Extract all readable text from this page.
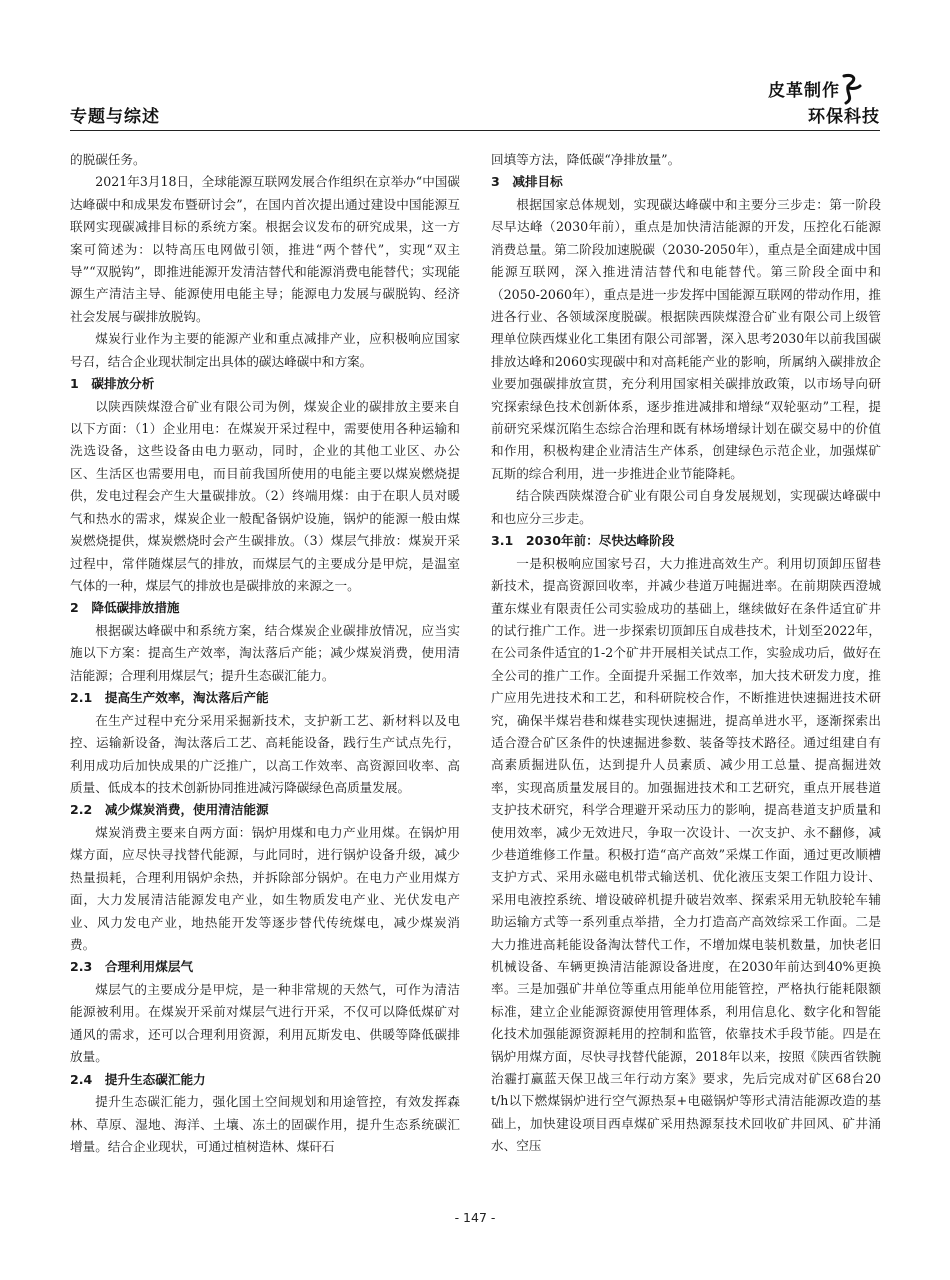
专题与综述
皮革制作	与
环保科技

的脱碳任务。

2021年3月18日，全球能源互联网发展合作组织在京举办“中国碳达峰碳中和成果发布暨研讨会”，在国内首次提出通过建设中国能源互联网实现碳减排目标的系统方案。根据会议发布的研究成果，这一方案可简述为：以特高压电网做引领，推进“两个替代”，实现“双主导”“双脱钩”，即推进能源开发清洁替代和能源消费电能替代；实现能源生产清洁主导、能源使用电能主导；能源电力发展与碳脱钩、经济社会发展与碳排放脱钩。

煤炭行业作为主要的能源产业和重点减排产业，应积极响应国家号召，结合企业现状制定出具体的碳达峰碳中和方案。

1　碳排放分析

以陕西陕煤澄合矿业有限公司为例，煤炭企业的碳排放主要来自以下方面：（1）企业用电：在煤炭开采过程中，需要使用各种运输和洗选设备，这些设备由电力驱动，同时，企业的其他工业区、办公区、生活区也需要用电，而目前我国所使用的电能主要以煤炭燃烧提供，发电过程会产生大量碳排放。（2）终端用煤：由于在职人员对暖气和热水的需求，煤炭企业一般配备锅炉设施，锅炉的能源一般由煤炭燃烧提供，煤炭燃烧时会产生碳排放。（3）煤层气排放：煤炭开采过程中，常伴随煤层气的排放，而煤层气的主要成分是甲烷，是温室气体的一种，煤层气的排放也是碳排放的来源之一。

2　降低碳排放措施

根据碳达峰碳中和系统方案，结合煤炭企业碳排放情况，应当实施以下方案：提高生产效率，淘汰落后产能；减少煤炭消费，使用清洁能源；合理利用煤层气；提升生态碳汇能力。

2.1　提高生产效率，淘汰落后产能

在生产过程中充分采用采掘新技术，支护新工艺、新材料以及电控、运输新设备，淘汰落后工艺、高耗能设备，践行生产试点先行，利用成功后加快成果的广泛推广，以高工作效率、高资源回收率、高质量、低成本的技术创新协同推进减污降碳绿色高质量发展。

2.2　减少煤炭消费，使用清洁能源

煤炭消费主要来自两方面：锅炉用煤和电力产业用煤。在锅炉用煤方面，应尽快寻找替代能源，与此同时，进行锅炉设备升级，减少热量损耗，合理利用锅炉余热，并拆除部分锅炉。在电力产业用煤方面，大力发展清洁能源发电产业，如生物质发电产业、光伏发电产业、风力发电产业，地热能开发等逐步替代传统煤电，减少煤炭消费。

2.3　合理利用煤层气

煤层气的主要成分是甲烷，是一种非常规的天然气，可作为清洁能源被利用。在煤炭开采前对煤层气进行开采，不仅可以降低煤矿对通风的需求，还可以合理利用资源，利用瓦斯发电、供暖等降低碳排放量。

2.4　提升生态碳汇能力

提升生态碳汇能力，强化国土空间规划和用途管控，有效发挥森林、草原、湿地、海洋、土壤、冻土的固碳作用，提升生态系统碳汇增量。结合企业现状，可通过植树造林、煤矸石

回填等方法，降低碳“净排放量”。

3　减排目标

根据国家总体规划，实现碳达峰碳中和主要分三步走：第一阶段尽早达峰（2030年前），重点是加快清洁能源的开发，压控化石能源消费总量。第二阶段加速脱碳（2030-2050年），重点是全面建成中国能源互联网，深入推进清洁替代和电能替代。第三阶段全面中和（2050-2060年），重点是进一步发挥中国能源互联网的带动作用，推进各行业、各领域深度脱碳。根据陕西陕煤澄合矿业有限公司上级管理单位陕西煤业化工集团有限公司部署，深入思考2030年以前我国碳排放达峰和2060实现碳中和对高耗能产业的影响，所属纳入碳排放企业要加强碳排放宣贯，充分利用国家相关碳排放政策，以市场导向研究探索绿色技术创新体系，逐步推进减排和增绿“双轮驱动”工程，提前研究采煤沉陷生态综合治理和既有林场增绿计划在碳交易中的价值和作用，积极构建企业清洁生产体系，创建绿色示范企业，加强煤矿瓦斯的综合利用，进一步推进企业节能降耗。

结合陕西陕煤澄合矿业有限公司自身发展规划，实现碳达峰碳中和也应分三步走。

3.1　2030年前：尽快达峰阶段

一是积极响应国家号召，大力推进高效生产。利用切顶卸压留巷新技术，提高资源回收率，并减少巷道万吨掘进率。在前期陕西澄城董东煤业有限责任公司实验成功的基础上，继续做好在条件适宜矿井的试行推广工作。进一步探索切顶卸压自成巷技术，计划至2022年，在公司条件适宜的1-2个矿井开展相关试点工作，实验成功后，做好在全公司的推广工作。全面提升采掘工作效率，加大技术研发力度，推广应用先进技术和工艺，和科研院校合作，不断推进快速掘进技术研究，确保半煤岩巷和煤巷实现快速掘进，提高单进水平，逐渐探索出适合澄合矿区条件的快速掘进参数、装备等技术路径。通过组建自有高素质掘进队伍，达到提升人员素质、减少用工总量、提高掘进效率，实现高质量发展目的。加强掘进技术和工艺研究，重点开展巷道支护技术研究，科学合理避开采动压力的影响，提高巷道支护质量和使用效率，减少无效进尺，争取一次设计、一次支护、永不翻修，减少巷道维修工作量。积极打造“高产高效”采煤工作面，通过更改顺槽支护方式、采用永磁电机带式输送机、优化液压支架工作阻力设计、采用电液控系统、增设破碎机提升破岩效率、探索采用无轨胶轮车辅助运输方式等一系列重点举措，全力打造高产高效综采工作面。二是大力推进高耗能设备淘汰替代工作，不增加煤电装机数量，加快老旧机械设备、车辆更换清洁能源设备进度，在2030年前达到40%更换率。三是加强矿井单位等重点用能单位用能管控，严格执行能耗限额标准，建立企业能源资源使用管理体系，利用信息化、数字化和智能化技术加强能源资源耗用的控制和监管，依靠技术手段节能。四是在锅炉用煤方面，尽快寻找替代能源，2018年以来，按照《陕西省铁腕治霾打赢蓝天保卫战三年行动方案》要求，先后完成对矿区68台20 t/h以下燃煤锅炉进行空气源热泵+电磁锅炉等形式清洁能源改造的基础上，加快建设项目西卓煤矿采用热源泵技术回收矿井回风、矿井涌水、空压

- 147 -
